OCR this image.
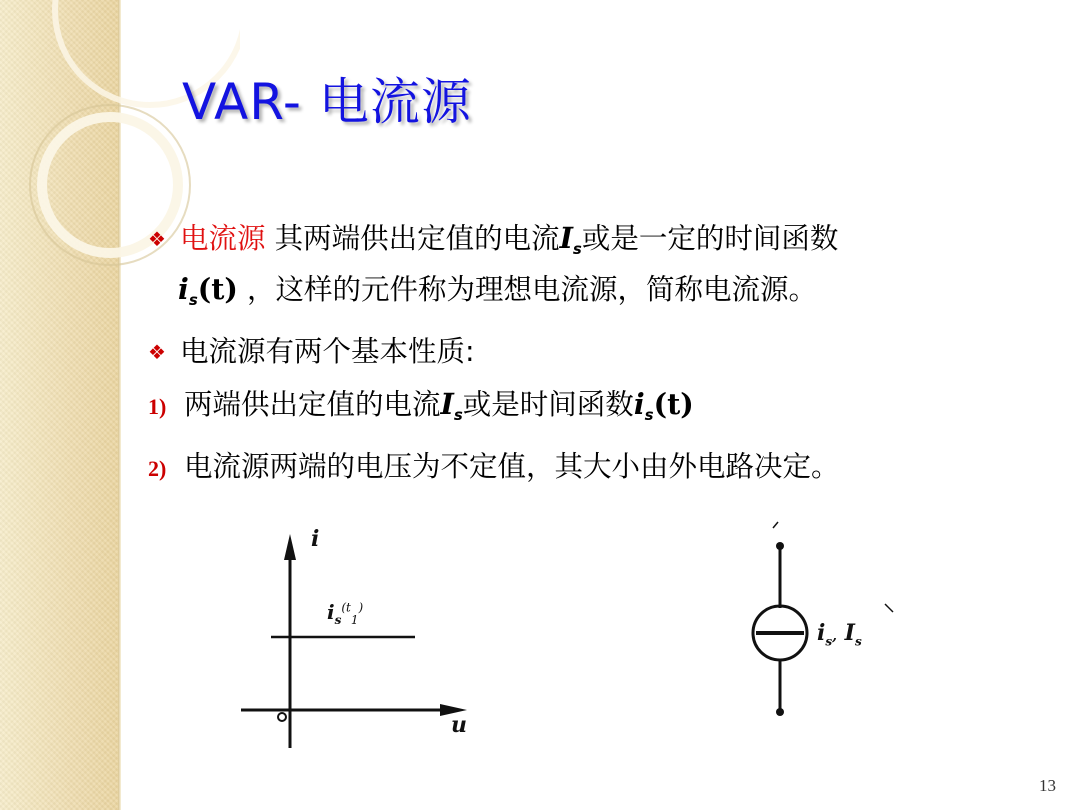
VAR- 电流源
❖ 电流源 其两端供出定值的电流$I_s$或是一定的时间函数
$i_s(t)$ ，这样的元件称为理想电流源，简称电流源。
❖ 电流源有两个基本性质:
1) 两端供出定值的电流$I_s$或是时间函数$i_s(t)$
2) 电流源两端的电压为不定值，其大小由外电路决定。
i
u
$i_s^{(t}_1^)$
$i_s$, $I_s$
13
